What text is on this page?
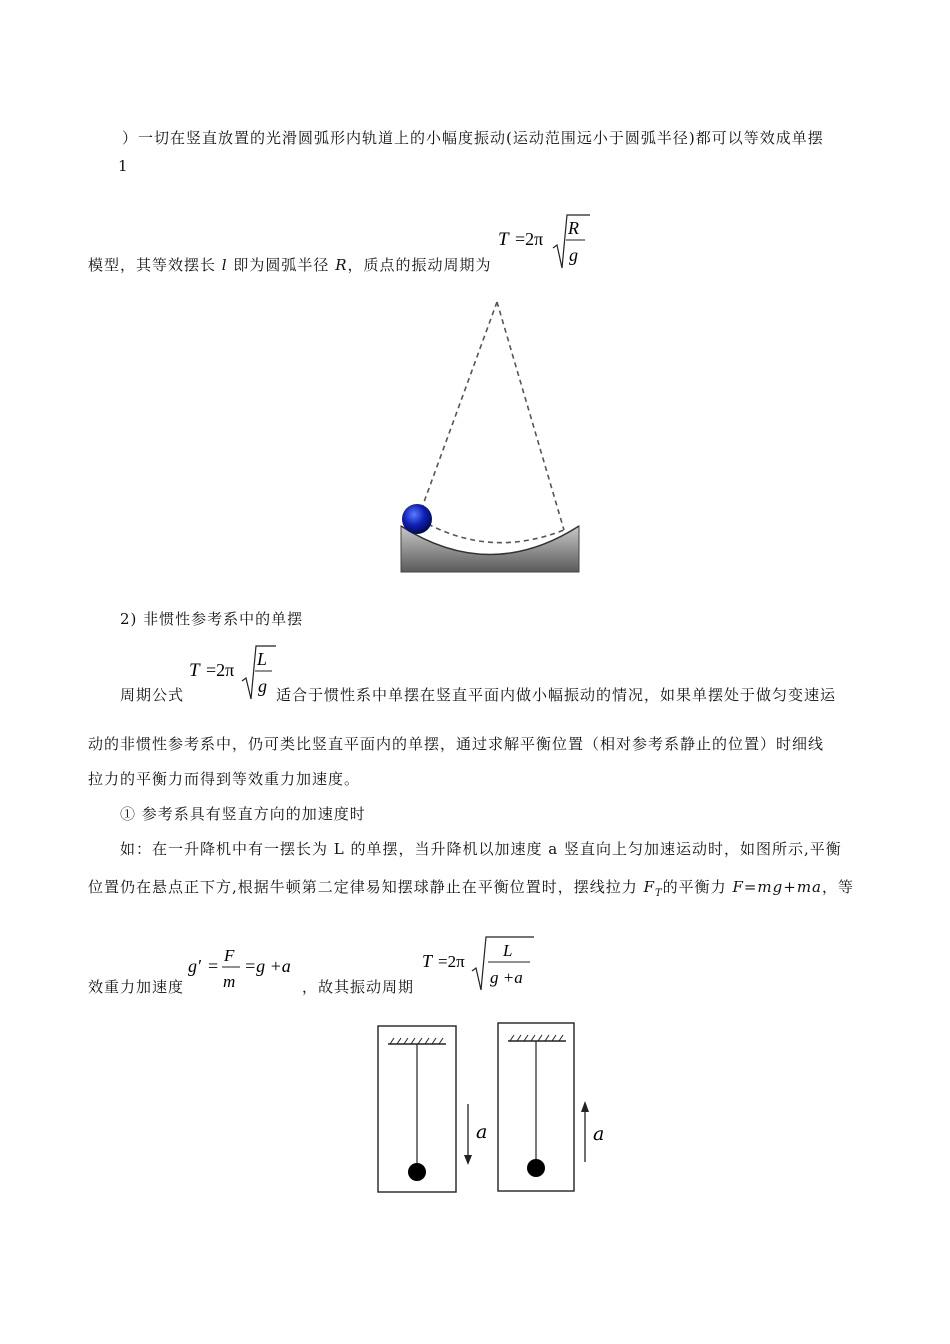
）一切在竖直放置的光滑圆弧形内轨道上的小幅度振动(运动范围远小于圆弧半径)都可以等效成单摆
1
模型，其等效摆长 l 即为圆弧半径 R，质点的振动周期为
T =2π
R
g
2) 非惯性参考系中的单摆
周期公式
T =2π
L
g 适合于惯性系中单摆在竖直平面内做小幅振动的情况，如果单摆处于做匀变速运
动的非惯性参考系中，仍可类比竖直平面内的单摆，通过求解平衡位置（相对参考系静止的位置）时细线
拉力的平衡力而得到等效重力加速度。
① 参考系具有竖直方向的加速度时
如：在一升降机中有一摆长为 L 的单摆，当升降机以加速度 a 竖直向上匀加速运动时，如图所示,平衡
位置仍在悬点正下方,根据牛顿第二定律易知摆球静止在平衡位置时，摆线拉力 $F_T$的平衡力 F=mg+ma，等
效重力加速度
g′ =
F
m
=g +a
，故其振动周期
T =2π
L
g +a
a	a
